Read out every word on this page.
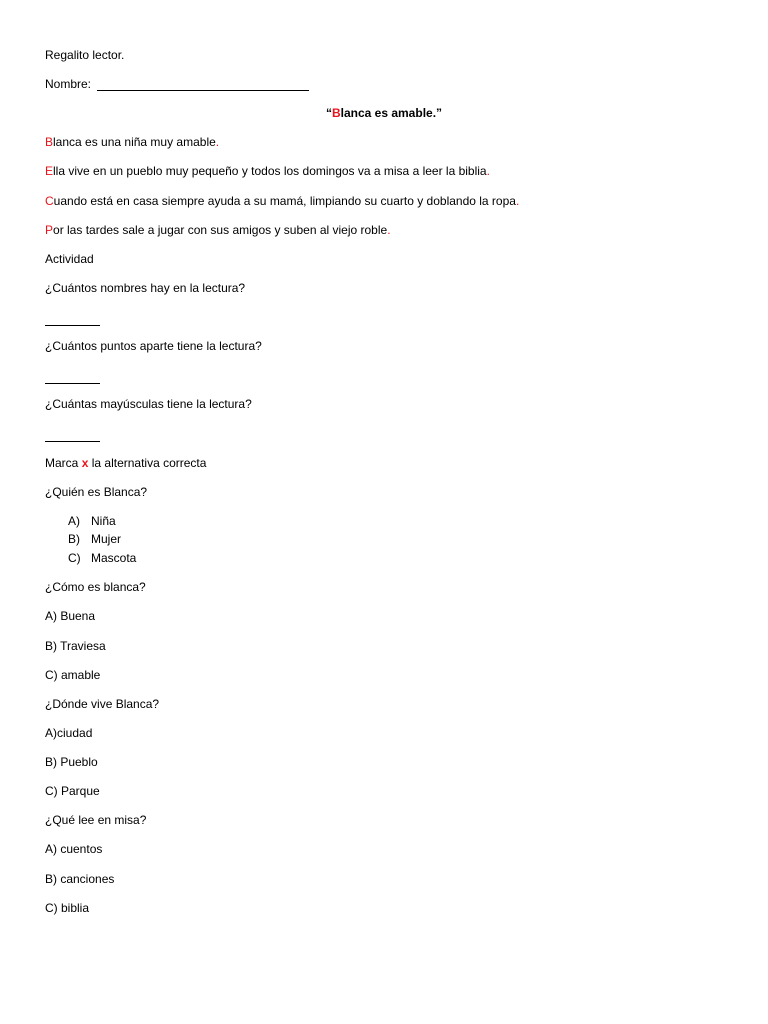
Regalito lector.
Nombre:
“Blanca es amable.”
Blanca es una niña muy amable.
Ella vive en un pueblo muy pequeño y todos los domingos va a misa a leer la biblia.
Cuando está en casa siempre ayuda a su mamá, limpiando su cuarto y doblando la ropa.
Por las tardes sale a jugar con sus amigos y suben al viejo roble.
Actividad
¿Cuántos nombres hay en la lectura?
¿Cuántos puntos aparte tiene la lectura?
¿Cuántas mayúsculas tiene la lectura?
Marca x la alternativa correcta
¿Quién es Blanca?
A) Niña
B) Mujer
C) Mascota
¿Cómo es blanca?
A) Buena
B) Traviesa
C) amable
¿Dónde vive Blanca?
A)ciudad
B) Pueblo
C) Parque
¿Qué lee en misa?
A) cuentos
B) canciones
C) biblia
